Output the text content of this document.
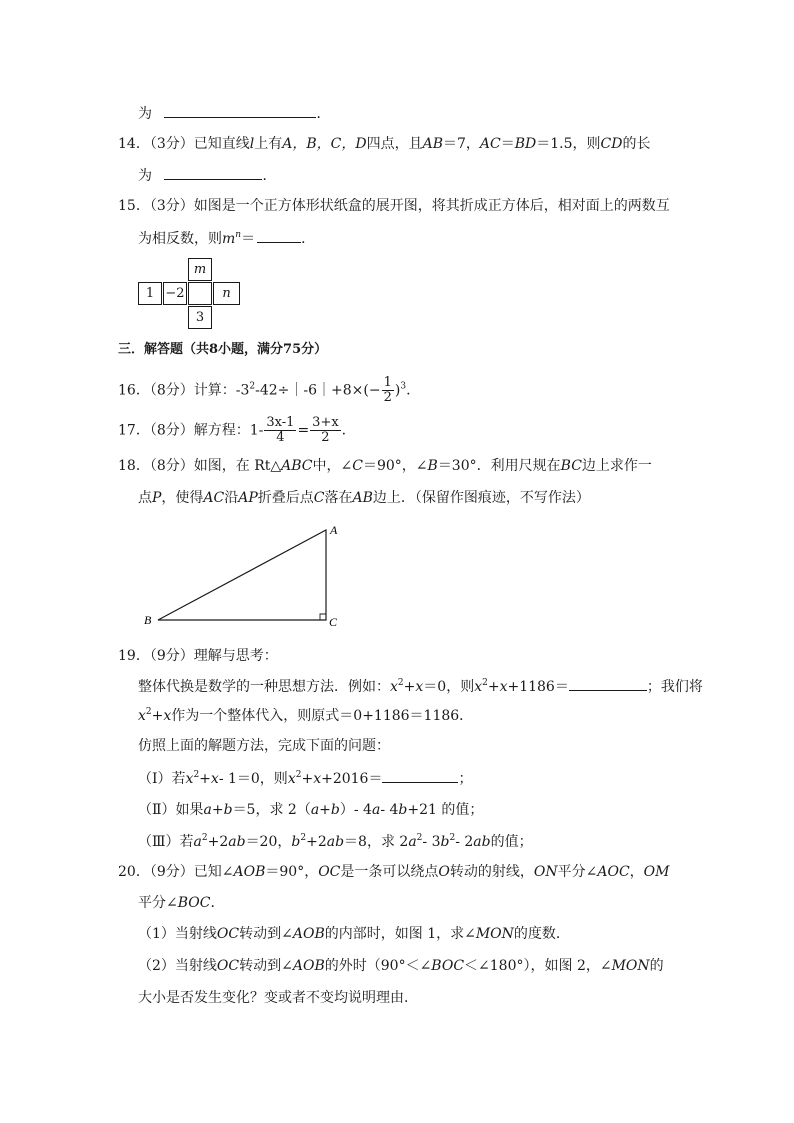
为	．
14．（3分）已知直线l上有A，B，C，D四点，且AB＝7，AC＝BD＝1.5，则CD的长
为	．
15．（3分）如图是一个正方体形状纸盒的展开图，将其折成正方体后，相对面上的两数互
为相反数，则$m^n=$	．
m
1 −2	n
3
三．解答题（共8小题，满分75分）
16．（8分）计算：$-3^2-42\div|-6|+8\times(- \frac{1}{2} )^3$.
17．（8分）解方程：$1- \frac{3x-1}{4} = \frac{3+x}{2}$ .
18．（8分）如图，在 Rt△ABC中，∠C＝90°，∠B＝30°．利用尺规在BC边上求作一
点P，使得AC沿AP折叠后点C落在AB边上．（保留作图痕迹，不写作法）
A
B	C
19．（9分）理解与思考：
整体代换是数学的一种思想方法．例如：$x^2+x=0$，则$x^2+x+1186=$	；我们将
$x^2+x$作为一个整体代入，则原式＝0+1186＝1186．
仿照上面的解题方法，完成下面的问题：
（Ⅰ）若$x^2+x-$ 1＝0，则$x^2+x+2016=$	；
（Ⅱ）如果a+b＝5，求 2（a+b）- 4a- 4b+21 的值；
（Ⅲ）若$a^2+2ab=20$，$b^2+2ab=8$，求 $2a^2-$ $3b^2-$ 2ab的值；
20．（9分）已知∠AOB＝90°，OC是一条可以绕点O转动的射线，ON平分∠AOC，OM
平分∠BOC．
（1）当射线OC转动到∠AOB的内部时，如图 1，求∠MON的度数．
（2）当射线OC转动到∠AOB的外时（90°＜∠BOC＜∠180°），如图 2，∠MON的
大小是否发生变化？变或者不变均说明理由．
